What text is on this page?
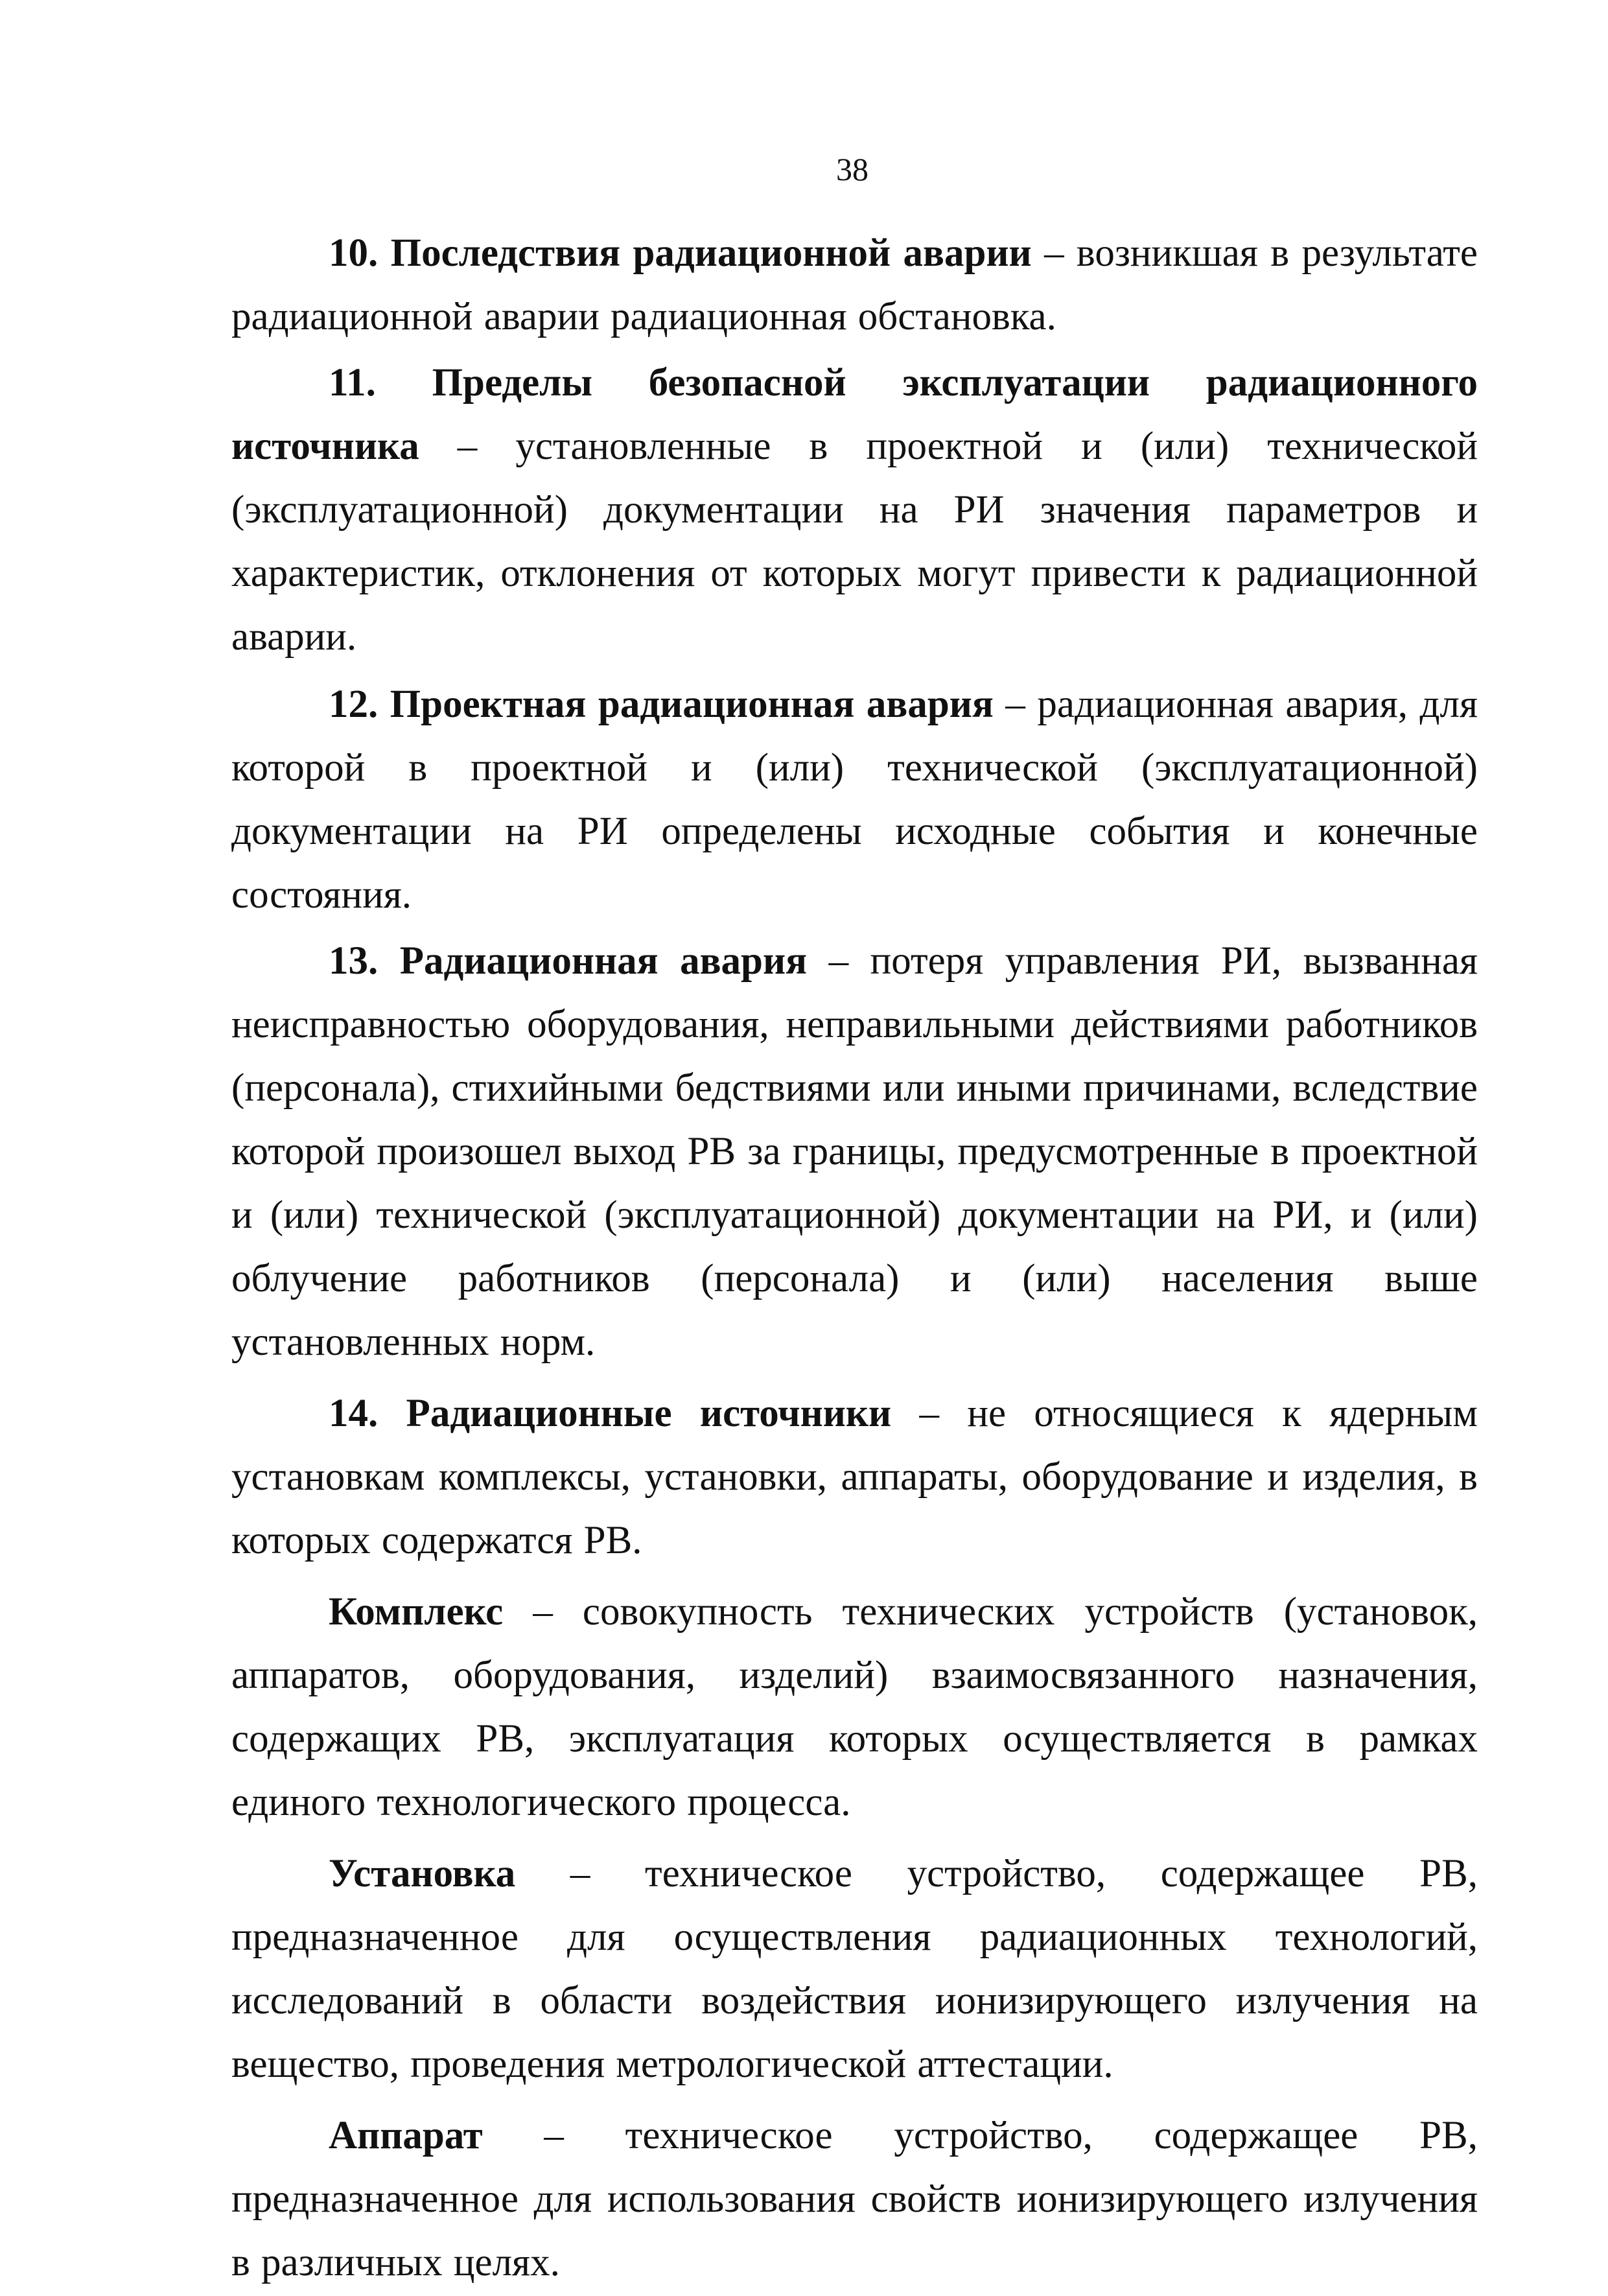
38

10. Последствия радиационной аварии – возникшая в результате радиационной аварии радиационная обстановка.

11. Пределы безопасной эксплуатации радиационного источника – установленные в проектной и (или) технической (эксплуатационной) документации на РИ значения параметров и характеристик, отклонения от которых могут привести к радиационной аварии.

12. Проектная радиационная авария – радиационная авария, для которой в проектной и (или) технической (эксплуатационной) документации на РИ определены исходные события и конечные состояния.

13. Радиационная авария – потеря управления РИ, вызванная неисправностью оборудования, неправильными действиями работников (персонала), стихийными бедствиями или иными причинами, вследствие которой произошел выход РВ за границы, предусмотренные в проектной и (или) технической (эксплуатационной) документации на РИ, и (или) облучение работников (персонала) и (или) населения выше установленных норм.

14. Радиационные источники – не относящиеся к ядерным установкам комплексы, установки, аппараты, оборудование и изделия, в которых содержатся РВ.

Комплекс – совокупность технических устройств (установок, аппаратов, оборудования, изделий) взаимосвязанного назначения, содержащих РВ, эксплуатация которых осуществляется в рамках единого технологического процесса.

Установка – техническое устройство, содержащее РВ, предназначенное для осуществления радиационных технологий, исследований в области воздействия ионизирующего излучения на вещество, проведения метрологической аттестации.

Аппарат – техническое устройство, содержащее РВ, предназначенное для использования свойств ионизирующего излучения в различных целях.
